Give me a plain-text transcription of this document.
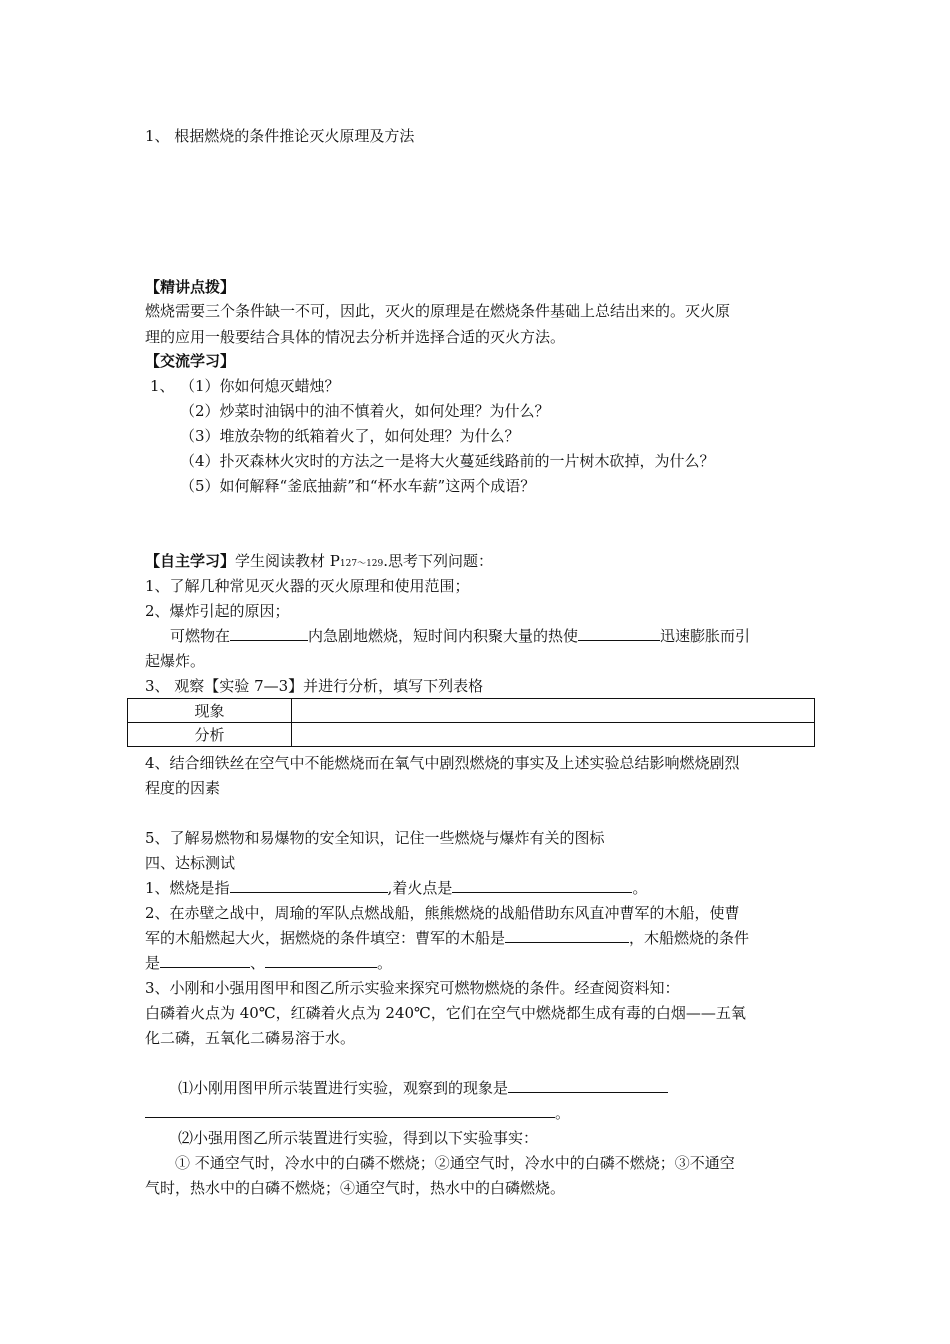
1、 根据燃烧的条件推论灭火原理及方法
【精讲点拨】
燃烧需要三个条件缺一不可，因此，灭火的原理是在燃烧条件基础上总结出来的。灭火原
理的应用一般要结合具体的情况去分析并选择合适的灭火方法。
【交流学习】
1、 （1）你如何熄灭蜡烛？
（2）炒菜时油锅中的油不慎着火，如何处理？为什么？
（3）堆放杂物的纸箱着火了，如何处理？为什么？
（4）扑灭森林火灾时的方法之一是将大火蔓延线路前的一片树木砍掉，为什么？
（5）如何解释“釜底抽薪”和“杯水车薪”这两个成语？
【自主学习】学生阅读教材 P127～129.思考下列问题：
1、了解几种常见灭火器的灭火原理和使用范围；
2、爆炸引起的原因；
可燃物在	内急剧地燃烧，短时间内积聚大量的热使	迅速膨胀而引
起爆炸。
3、 观察【实验 7—3】并进行分析，填写下列表格
现象	
分析	
4、结合细铁丝在空气中不能燃烧而在氧气中剧烈燃烧的事实及上述实验总结影响燃烧剧烈
程度的因素
5、了解易燃物和易爆物的安全知识，记住一些燃烧与爆炸有关的图标
四、达标测试
1、燃烧是指	,着火点是	。
2、在赤壁之战中，周瑜的军队点燃战船，熊熊燃烧的战船借助东风直冲曹军的木船，使曹
军的木船燃起大火，据燃烧的条件填空：曹军的木船是	，木船燃烧的条件
是	、	。
3、小刚和小强用图甲和图乙所示实验来探究可燃物燃烧的条件。经查阅资料知：
白磷着火点为 40℃，红磷着火点为 240℃，它们在空气中燃烧都生成有毒的白烟——五氧
化二磷，五氧化二磷易溶于水。
⑴小刚用图甲所示装置进行实验，观察到的现象是
。
⑵小强用图乙所示装置进行实验，得到以下实验事实：
① 不通空气时，冷水中的白磷不燃烧；②通空气时，冷水中的白磷不燃烧；③不通空
气时，热水中的白磷不燃烧；④通空气时，热水中的白磷燃烧。
